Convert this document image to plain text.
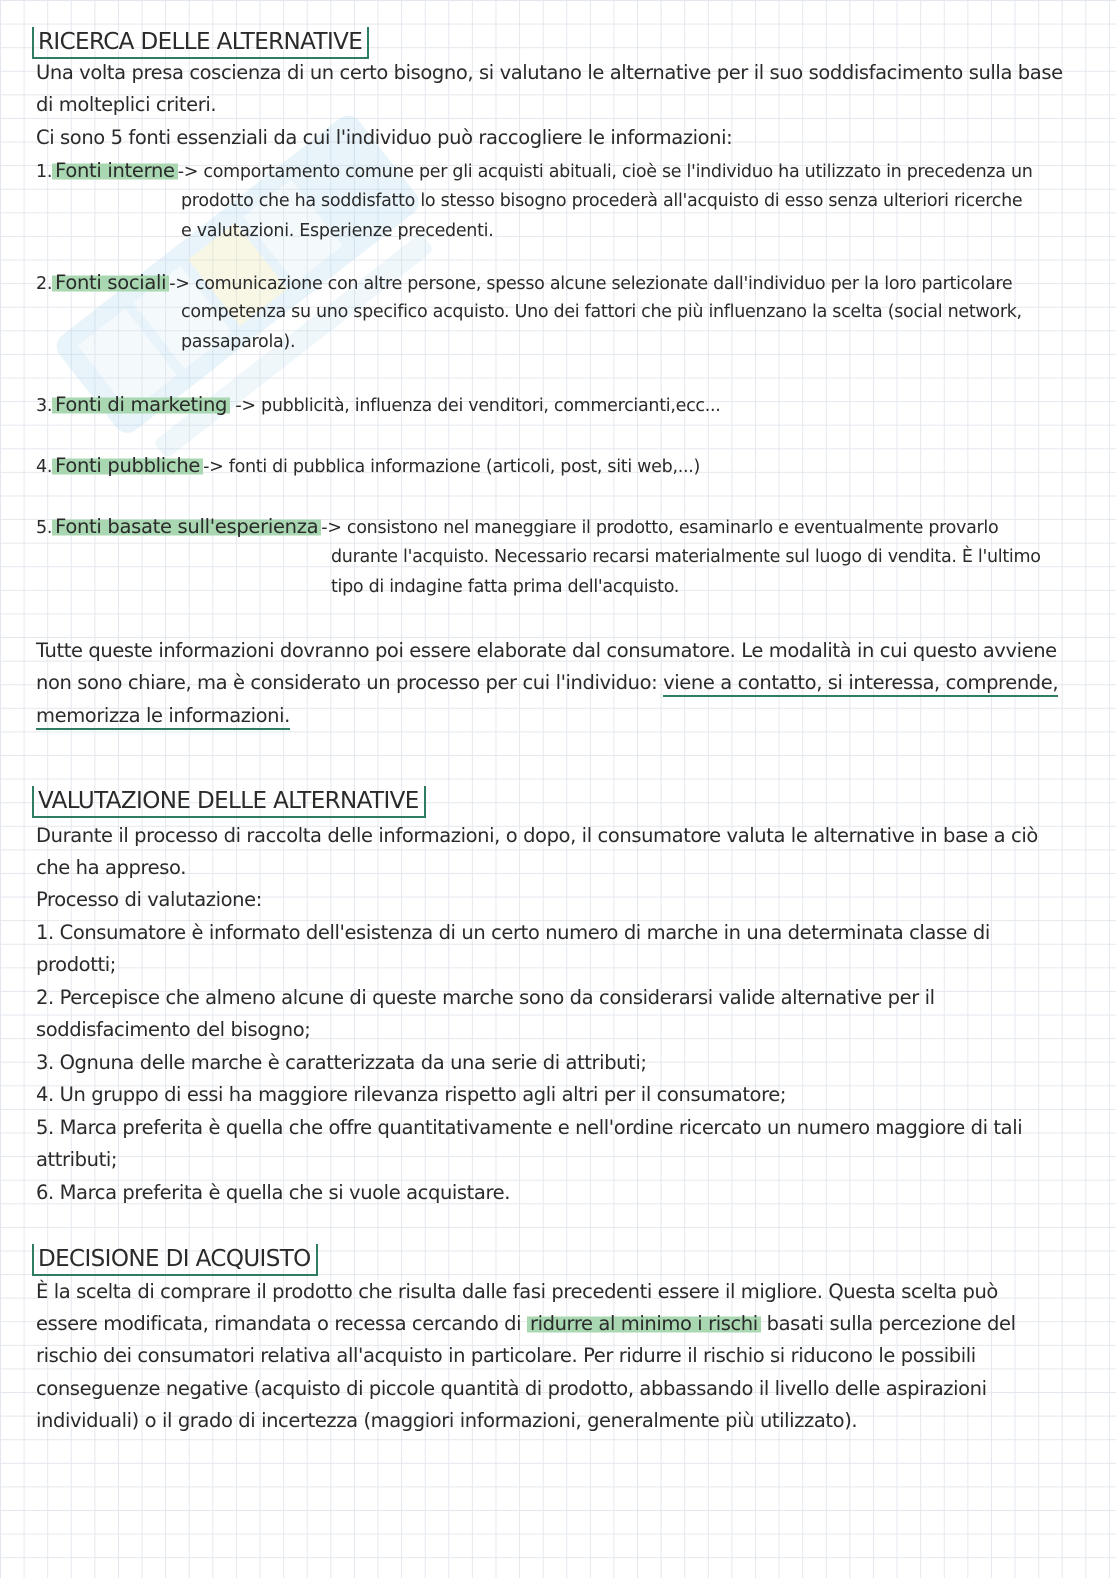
RICERCA DELLE ALTERNATIVE

Una volta presa coscienza di un certo bisogno, si valutano le alternative per il suo soddisfacimento sulla base

di molteplici criteri.

Ci sono 5 fonti essenziali da cui l'individuo può raccogliere le informazioni:

1. Fonti interne -> comportamento comune per gli acquisti abituali, cioè se l'individuo ha utilizzato in precedenza un

prodotto che ha soddisfatto lo stesso bisogno procederà all'acquisto di esso senza ulteriori ricerche

e valutazioni. Esperienze precedenti.

2. Fonti sociali -> comunicazione con altre persone, spesso alcune selezionate dall'individuo per la loro particolare

competenza su uno specifico acquisto. Uno dei fattori che più influenzano la scelta (social network,

passaparola).

3. Fonti di marketing -> pubblicità, influenza dei venditori, commercianti,ecc...
4. Fonti pubbliche -> fonti di pubblica informazione (articoli, post, siti web,...)
5. Fonti basate sull'esperienza -> consistono nel maneggiare il prodotto, esaminarlo e eventualmente provarlo

durante l'acquisto. Necessario recarsi materialmente sul luogo di vendita. È l'ultimo

tipo di indagine fatta prima dell'acquisto.

Tutte queste informazioni dovranno poi essere elaborate dal consumatore. Le modalità in cui questo avviene

non sono chiare, ma è considerato un processo per cui l'individuo: viene a contatto, si interessa, comprende,

memorizza le informazioni.

VALUTAZIONE DELLE ALTERNATIVE

Durante il processo di raccolta delle informazioni, o dopo, il consumatore valuta le alternative in base a ciò

che ha appreso.

Processo di valutazione:

1. Consumatore è informato dell'esistenza di un certo numero di marche in una determinata classe di

prodotti;

2. Percepisce che almeno alcune di queste marche sono da considerarsi valide alternative per il

soddisfacimento del bisogno;

3. Ognuna delle marche è caratterizzata da una serie di attributi;

4. Un gruppo di essi ha maggiore rilevanza rispetto agli altri per il consumatore;

5. Marca preferita è quella che offre quantitativamente e nell'ordine ricercato un numero maggiore di tali

attributi;

6. Marca preferita è quella che si vuole acquistare.

DECISIONE DI ACQUISTO

È la scelta di comprare il prodotto che risulta dalle fasi precedenti essere il migliore. Questa scelta può

essere modificata, rimandata o recessa cercando di ridurre al minimo i rischi basati sulla percezione del

rischio dei consumatori relativa all'acquisto in particolare. Per ridurre il rischio si riducono le possibili

conseguenze negative (acquisto di piccole quantità di prodotto, abbassando il livello delle aspirazioni

individuali) o il grado di incertezza (maggiori informazioni, generalmente più utilizzato).
